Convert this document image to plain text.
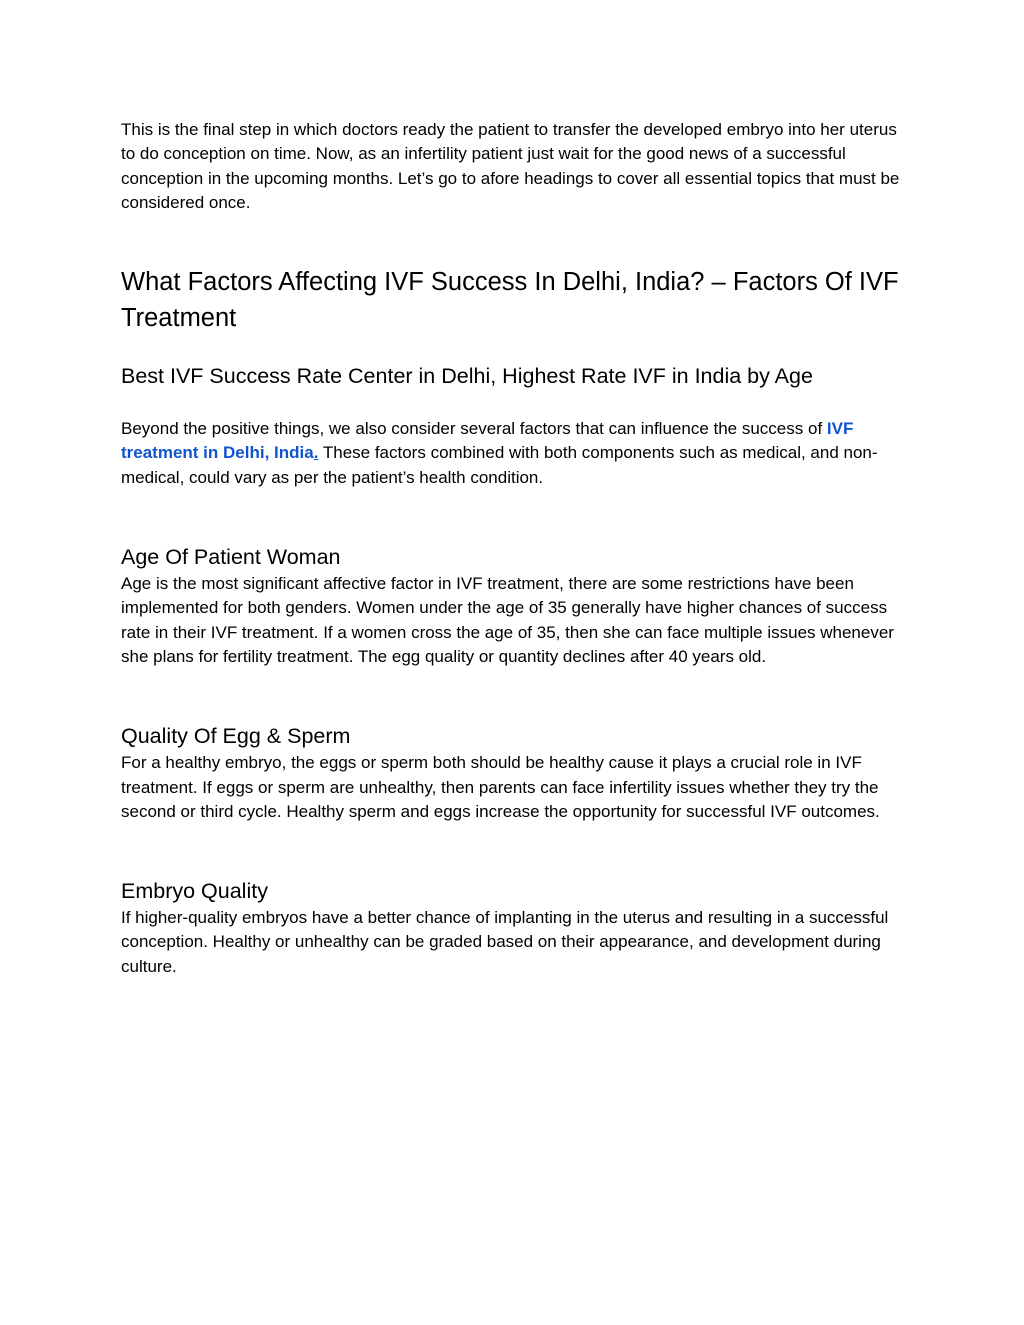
This is the final step in which doctors ready the patient to transfer the developed embryo into her uterus to do conception on time. Now, as an infertility patient just wait for the good news of a successful conception in the upcoming months. Let’s go to afore headings to cover all essential topics that must be considered once.

What Factors Affecting IVF Success In Delhi, India? – Factors Of IVF Treatment
Best IVF Success Rate Center in Delhi, Highest Rate IVF in India by Age

Beyond the positive things, we also consider several factors that can influence the success of IVF treatment in Delhi, India. These factors combined with both components such as medical, and non-medical, could vary as per the patient’s health condition.

Age Of Patient Woman

Age is the most significant affective factor in IVF treatment, there are some restrictions have been implemented for both genders. Women under the age of 35 generally have higher chances of success rate in their IVF treatment. If a women cross the age of 35, then she can face multiple issues whenever she plans for fertility treatment. The egg quality or quantity declines after 40 years old.

Quality Of Egg & Sperm

For a healthy embryo, the eggs or sperm both should be healthy cause it plays a crucial role in IVF treatment. If eggs or sperm are unhealthy, then parents can face infertility issues whether they try the second or third cycle. Healthy sperm and eggs increase the opportunity for successful IVF outcomes.

Embryo Quality

If higher-quality embryos have a better chance of implanting in the uterus and resulting in a successful conception. Healthy or unhealthy can be graded based on their appearance, and development during culture.
